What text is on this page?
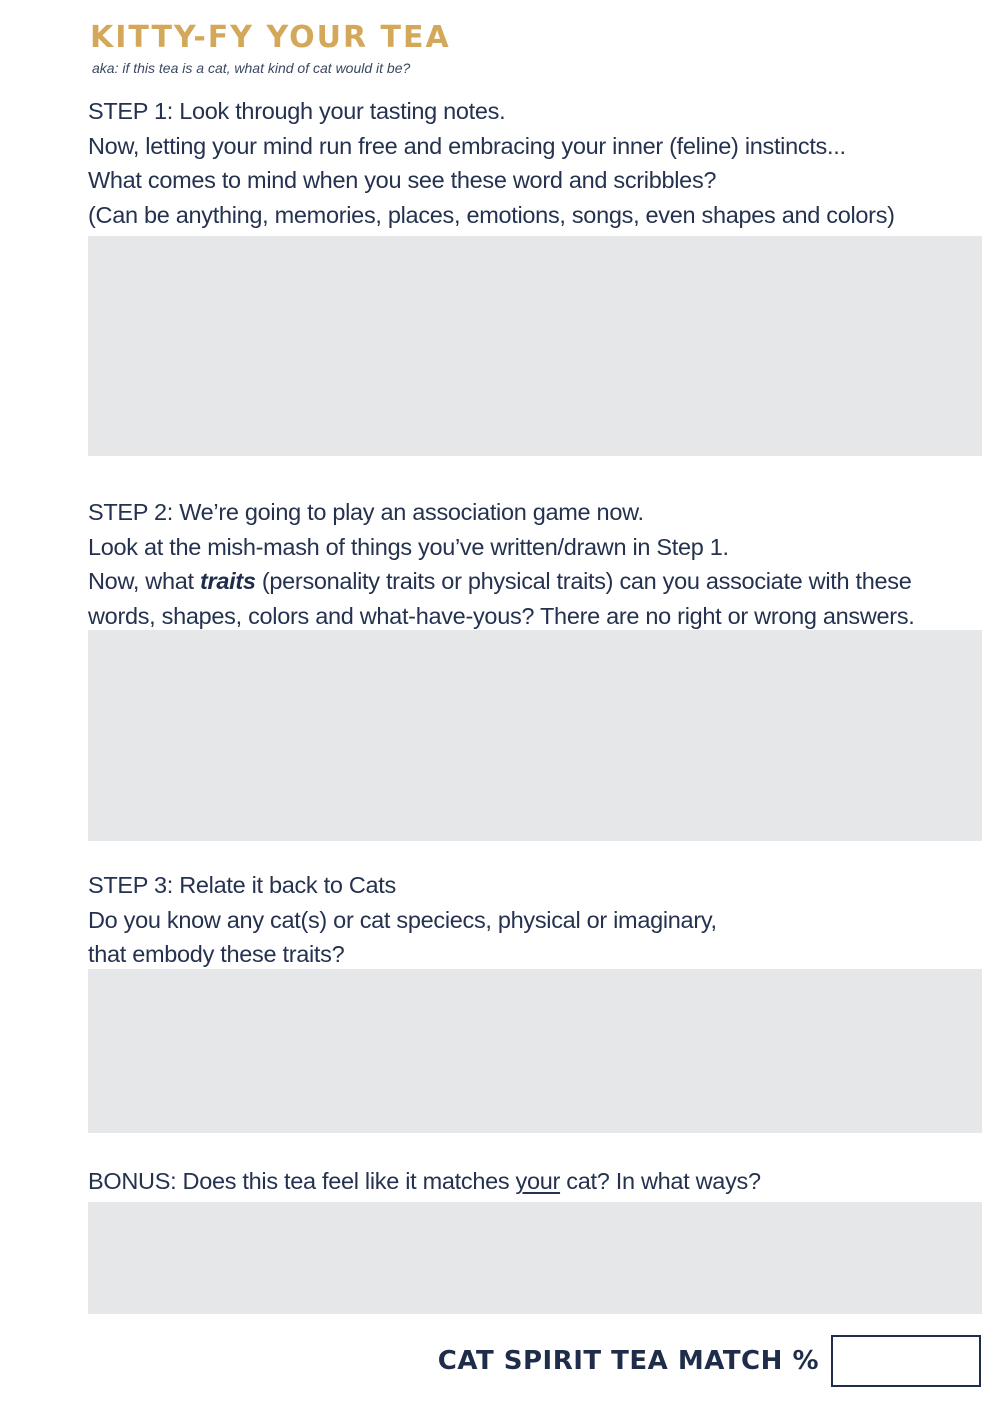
KITTY-FY YOUR TEA
aka: if this tea is a cat, what kind of cat would it be?

STEP 1: Look through your tasting notes.

Now, letting your mind run free and embracing your inner (feline) instincts...

What comes to mind when you see these word and scribbles?

(Can be anything, memories, places, emotions, songs, even shapes and colors)

STEP 2: We’re going to play an association game now.

Look at the mish-mash of things you’ve written/drawn in Step 1.

Now, what traits (personality traits or physical traits) can you associate with these

words, shapes, colors and what-have-yous? There are no right or wrong answers.

STEP 3: Relate it back to Cats

Do you know any cat(s) or cat speciecs, physical or imaginary,

that embody these traits?

BONUS: Does this tea feel like it matches your cat? In what ways?

CAT SPIRIT TEA MATCH %
